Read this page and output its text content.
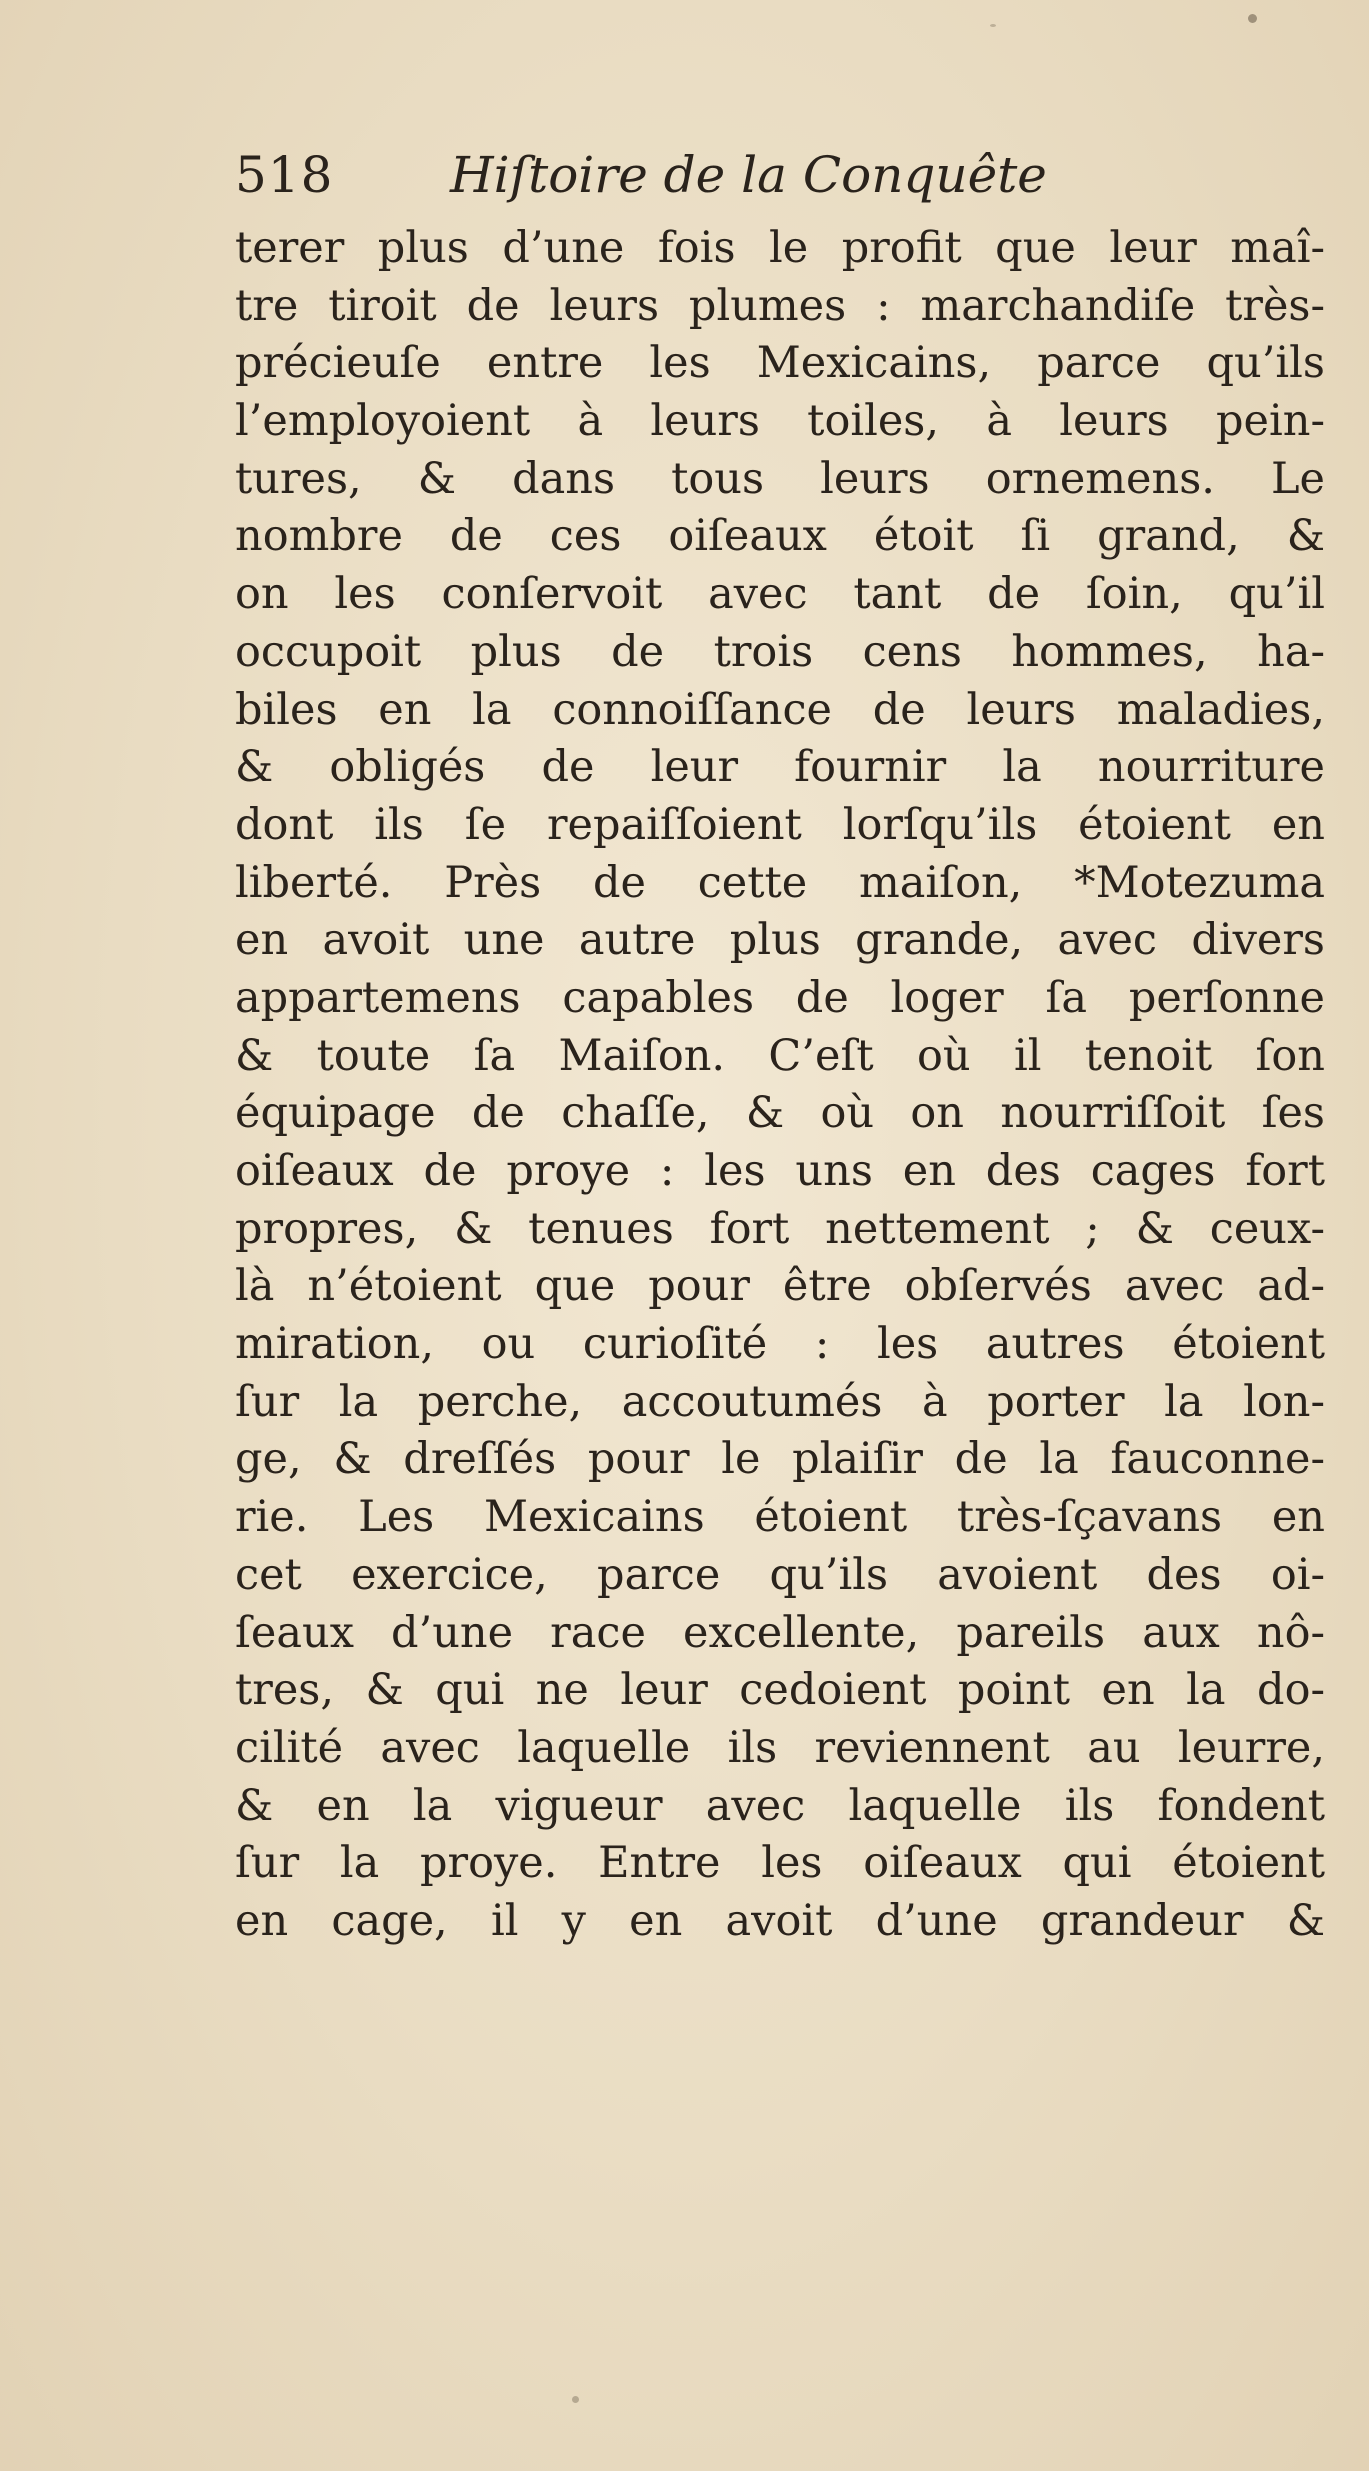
518 Hiſtoire de la Conquête
terer plus d’une fois le profit que leur maî-
tre tiroit de leurs plumes : marchandiſe très-
précieuſe entre les Mexicains, parce qu’ils
l’employoient à leurs toiles, à leurs pein-
tures, & dans tous leurs ornemens. Le
nombre de ces oiſeaux étoit ſi grand, &
on les conſervoit avec tant de ſoin, qu’il
occupoit plus de trois cens hommes, ha-
biles en la connoiſſance de leurs maladies,
& obligés de leur fournir la nourriture
dont ils ſe repaiſſoient lorſqu’ils étoient en
liberté. Près de cette maiſon, *Motezuma
en avoit une autre plus grande, avec divers
appartemens capables de loger ſa perſonne
& toute ſa Maiſon. C’eſt où il tenoit ſon
équipage de chaſſe, & où on nourriſſoit ſes
oiſeaux de proye : les uns en des cages fort
propres, & tenues fort nettement ; & ceux-
là n’étoient que pour être obſervés avec ad-
miration, ou curioſité : les autres étoient
ſur la perche, accoutumés à porter la lon-
ge, & dreſſés pour le plaiſir de la fauconne-
rie. Les Mexicains étoient très-ſçavans en
cet exercice, parce qu’ils avoient des oi-
ſeaux d’une race excellente, pareils aux nô-
tres, & qui ne leur cedoient point en la do-
cilité avec laquelle ils reviennent au leurre,
& en la vigueur avec laquelle ils fondent
ſur la proye. Entre les oiſeaux qui étoient
en cage, il y en avoit d’une grandeur &
